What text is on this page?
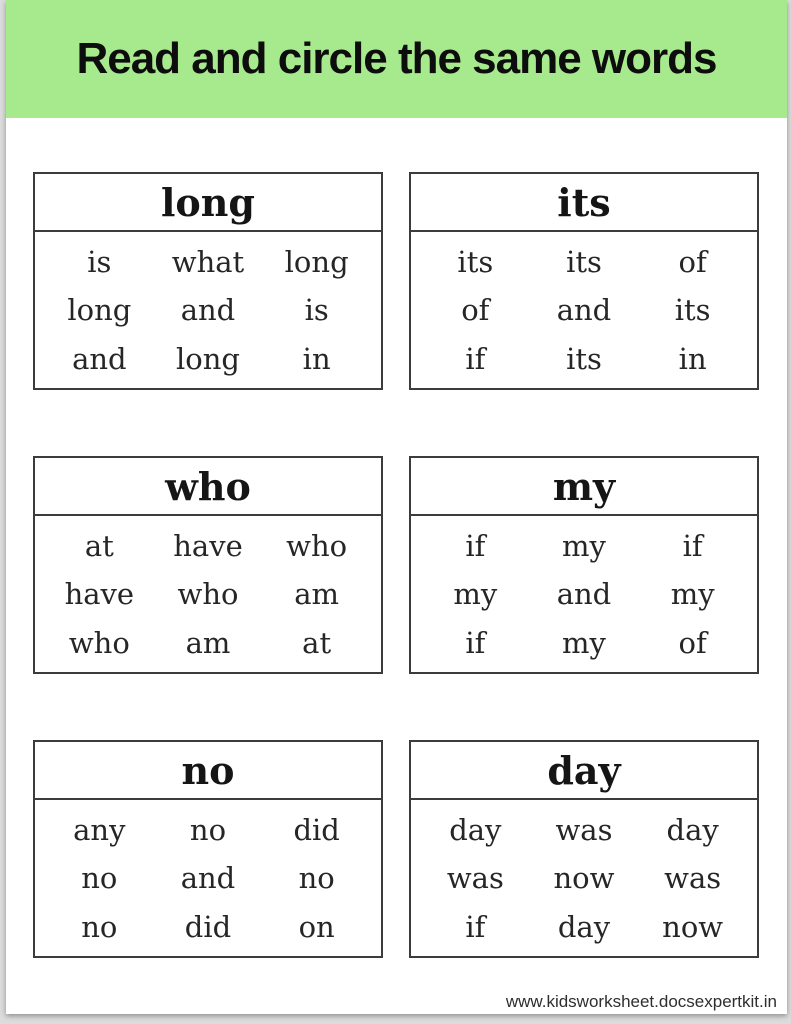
Read and circle the same words
long
is what long
long and is
and long in
its
its	its	of
of and its
if	its	in
who
at have who
have who am
who am at
my
if	my	if
my and my
if	my	of
no
any no did
no and no
no did on
day
day was day
was now was
if	day now
www.kidsworksheet.docsexpertkit.in
